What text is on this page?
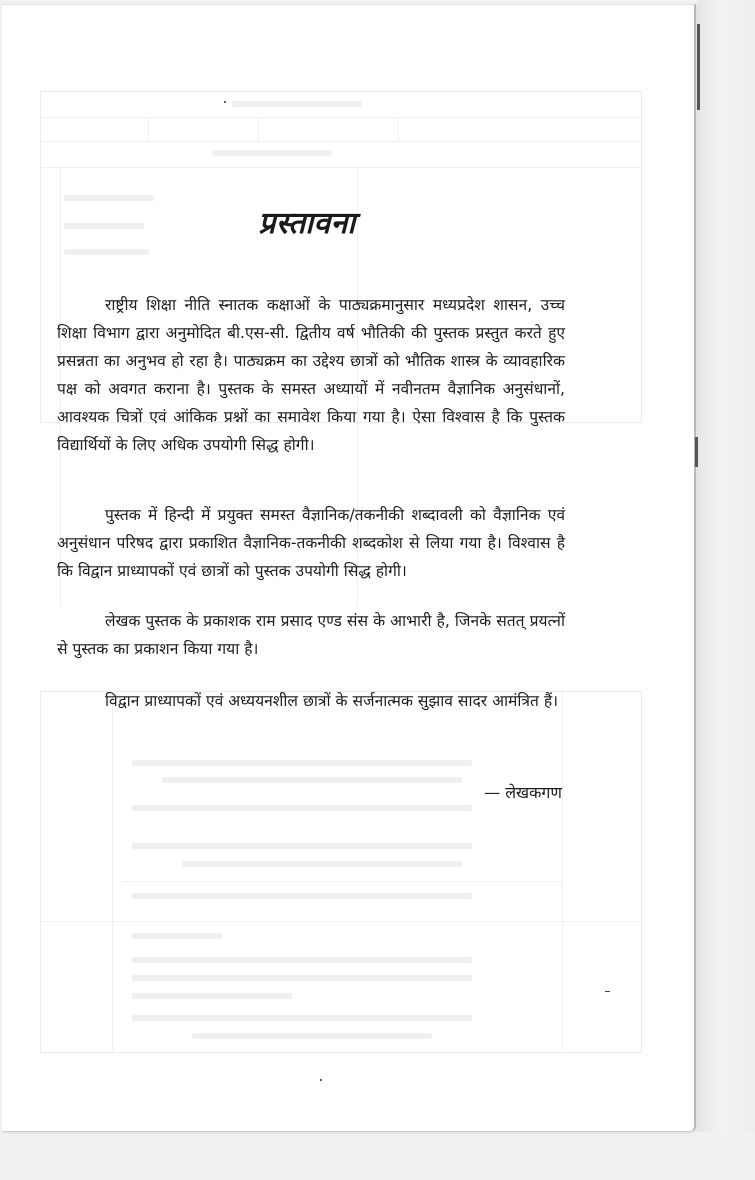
प्रस्तावना

राष्ट्रीय शिक्षा नीति स्नातक कक्षाओं के पाठ्यक्रमानुसार मध्यप्रदेश शासन, उच्च शिक्षा विभाग द्वारा अनुमोदित बी.एस-सी. द्वितीय वर्ष भौतिकी की पुस्तक प्रस्तुत करते हुए प्रसन्नता का अनुभव हो रहा है। पाठ्यक्रम का उद्देश्य छात्रों को भौतिक शास्त्र के व्यावहारिक पक्ष को अवगत कराना है। पुस्तक के समस्त अध्यायों में नवीनतम वैज्ञानिक अनुसंधानों, आवश्यक चित्रों एवं आंकिक प्रश्नों का समावेश किया गया है। ऐसा विश्वास है कि पुस्तक विद्यार्थियों के लिए अधिक उपयोगी सिद्ध होगी।

पुस्तक में हिन्दी में प्रयुक्त समस्त वैज्ञानिक/तकनीकी शब्दावली को वैज्ञानिक एवं अनुसंधान परिषद द्वारा प्रकाशित वैज्ञानिक-तकनीकी शब्दकोश से लिया गया है। विश्वास है कि विद्वान प्राध्यापकों एवं छात्रों को पुस्तक उपयोगी सिद्ध होगी।

लेखक पुस्तक के प्रकाशक राम प्रसाद एण्ड संस के आभारी है, जिनके सतत् प्रयत्नों से पुस्तक का प्रकाशन किया गया है।

विद्वान प्राध्यापकों एवं अध्ययनशील छात्रों के सर्जनात्मक सुझाव सादर आमंत्रित हैं।

— लेखकगण
